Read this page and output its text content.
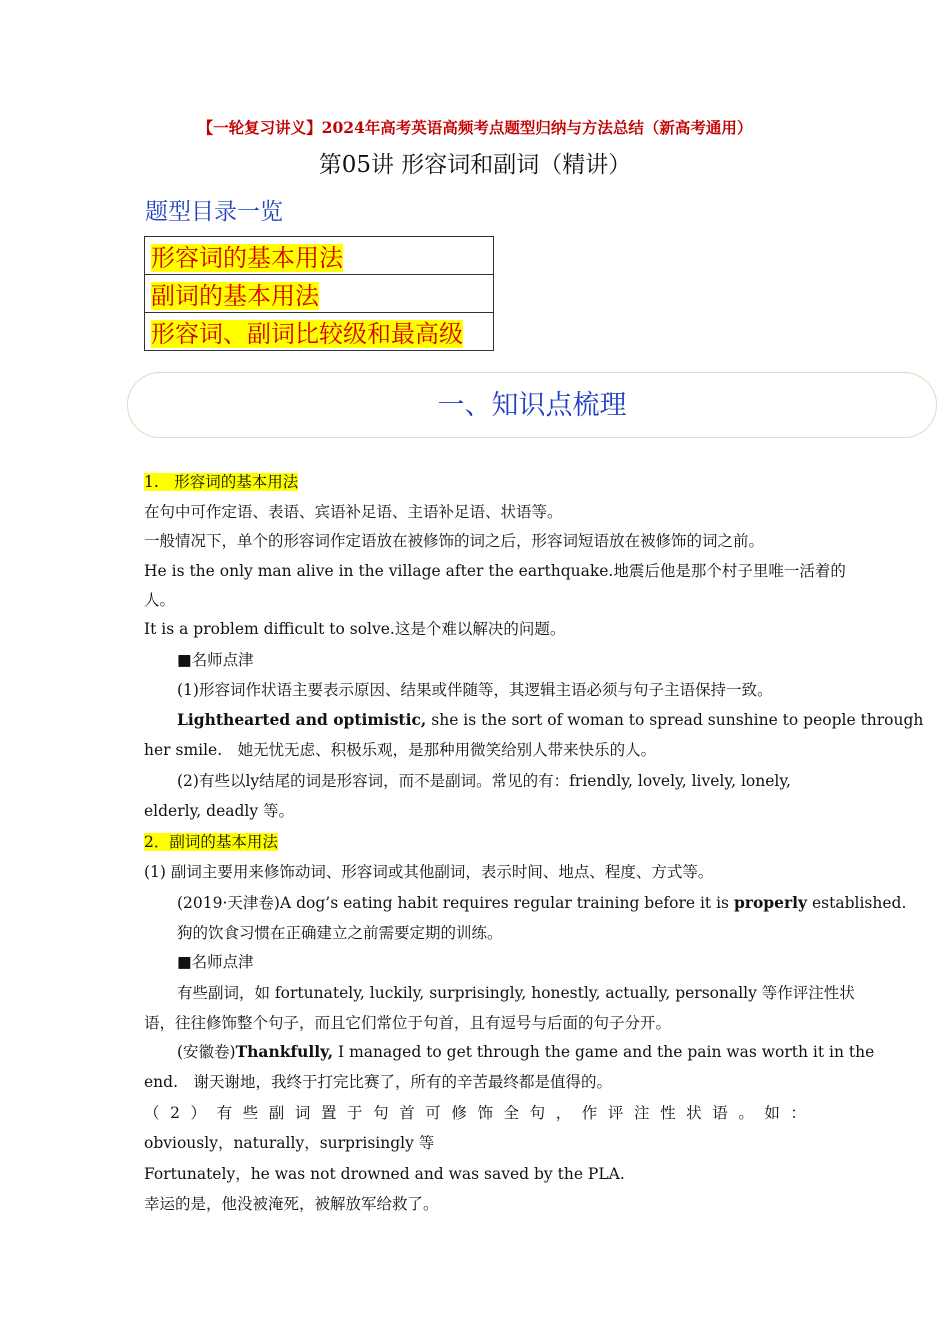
【一轮复习讲义】2024年高考英语高频考点题型归纳与方法总结（新高考通用）
第05讲 形容词和副词（精讲）
题型目录一览
形容词的基本用法
副词的基本用法
形容词、副词比较级和最高级
一、知识点梳理
1.　形容词的基本用法
在句中可作定语、表语、宾语补足语、主语补足语、状语等。
一般情况下，单个的形容词作定语放在被修饰的词之后，形容词短语放在被修饰的词之前。
He is the only man alive in the village after the earthquake.地震后他是那个村子里唯一活着的
人。
It is a problem difficult to solve.这是个难以解决的问题。
■名师点津
(1)形容词作状语主要表示原因、结果或伴随等，其逻辑主语必须与句子主语保持一致。
Lighthearted and optimistic, she is the sort of woman to spread sunshine to people through
her smile.　她无忧无虑、积极乐观，是那种用微笑给别人带来快乐的人。
(2)有些以ly结尾的词是形容词，而不是副词。常见的有：friendly, lovely, lively, lonely,
elderly, deadly 等。
2．副词的基本用法
(1) 副词主要用来修饰动词、形容词或其他副词，表示时间、地点、程度、方式等。
(2019·天津卷)A dog’s eating habit requires regular training before it is properly established.
狗的饮食习惯在正确建立之前需要定期的训练。
■名师点津
有些副词，如 fortunately, luckily, surprisingly, honestly, actually, personally 等作评注性状
语，往往修饰整个句子，而且它们常位于句首，且有逗号与后面的句子分开。
(安徽卷)Thankfully, I managed to get through the game and the pain was worth it in the
end.　谢天谢地，我终于打完比赛了，所有的辛苦最终都是值得的。
（2）有些副词置于句首可修饰全句，作评注性状语。如：
obviously，naturally，surprisingly 等
Fortunately，he was not drowned and was saved by the PLA.
幸运的是，他没被淹死，被解放军给救了。
